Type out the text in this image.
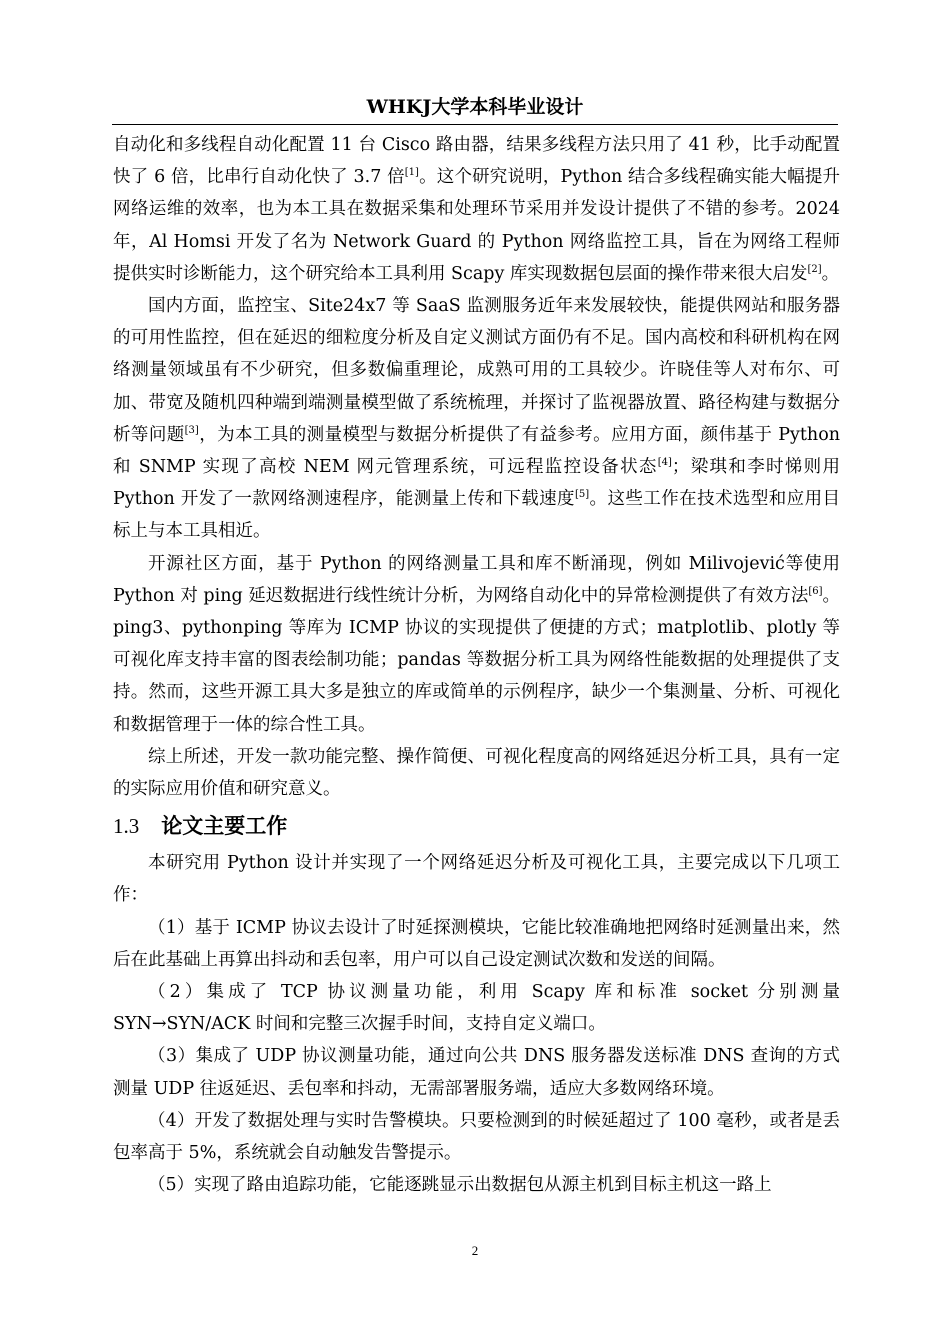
WHKJ大学本科毕业设计

自动化和多线程自动化配置 11 台 Cisco 路由器，结果多线程方法只用了 41 秒，比手动配置快了 6 倍，比串行自动化快了 3.7 倍[1]。这个研究说明，Python 结合多线程确实能大幅提升网络运维的效率，也为本工具在数据采集和处理环节采用并发设计提供了不错的参考。2024 年，Al Homsi 开发了名为 Network Guard 的 Python 网络监控工具，旨在为网络工程师提供实时诊断能力，这个研究给本工具利用 Scapy 库实现数据包层面的操作带来很大启发[2]。

国内方面，监控宝、Site24x7 等 SaaS 监测服务近年来发展较快，能提供网站和服务器的可用性监控，但在延迟的细粒度分析及自定义测试方面仍有不足。国内高校和科研机构在网络测量领域虽有不少研究，但多数偏重理论，成熟可用的工具较少。许晓佳等人对布尔、可加、带宽及随机四种端到端测量模型做了系统梳理，并探讨了监视器放置、路径构建与数据分析等问题[3]，为本工具的测量模型与数据分析提供了有益参考。应用方面，颜伟基于 Python 和 SNMP 实现了高校 NEM 网元管理系统，可远程监控设备状态[4]；梁琪和李时悌则用 Python 开发了一款网络测速程序，能测量上传和下载速度[5]。这些工作在技术选型和应用目标上与本工具相近。

开源社区方面，基于 Python 的网络测量工具和库不断涌现，例如 Milivojević等使用 Python 对 ping 延迟数据进行线性统计分析，为网络自动化中的异常检测提供了有效方法[6]。ping3、pythonping 等库为 ICMP 协议的实现提供了便捷的方式；matplotlib、plotly 等可视化库支持丰富的图表绘制功能；pandas 等数据分析工具为网络性能数据的处理提供了支持。然而，这些开源工具大多是独立的库或简单的示例程序，缺少一个集测量、分析、可视化和数据管理于一体的综合性工具。

综上所述，开发一款功能完整、操作简便、可视化程度高的网络延迟分析工具，具有一定的实际应用价值和研究意义。

1.3 论文主要工作

本研究用 Python 设计并实现了一个网络延迟分析及可视化工具，主要完成以下几项工作：

（1）基于 ICMP 协议去设计了时延探测模块，它能比较准确地把网络时延测量出来，然后在此基础上再算出抖动和丢包率，用户可以自己设定测试次数和发送的间隔。

（2）集成了 TCP 协议测量功能，利用 Scapy 库和标准 socket 分别测量 SYN→SYN/ACK 时间和完整三次握手时间，支持自定义端口。

（3）集成了 UDP 协议测量功能，通过向公共 DNS 服务器发送标准 DNS 查询的方式测量 UDP 往返延迟、丢包率和抖动，无需部署服务端，适应大多数网络环境。

（4）开发了数据处理与实时告警模块。只要检测到的时候延超过了 100 毫秒，或者是丢包率高于 5%，系统就会自动触发告警提示。

（5）实现了路由追踪功能，它能逐跳显示出数据包从源主机到目标主机这一路上

2
